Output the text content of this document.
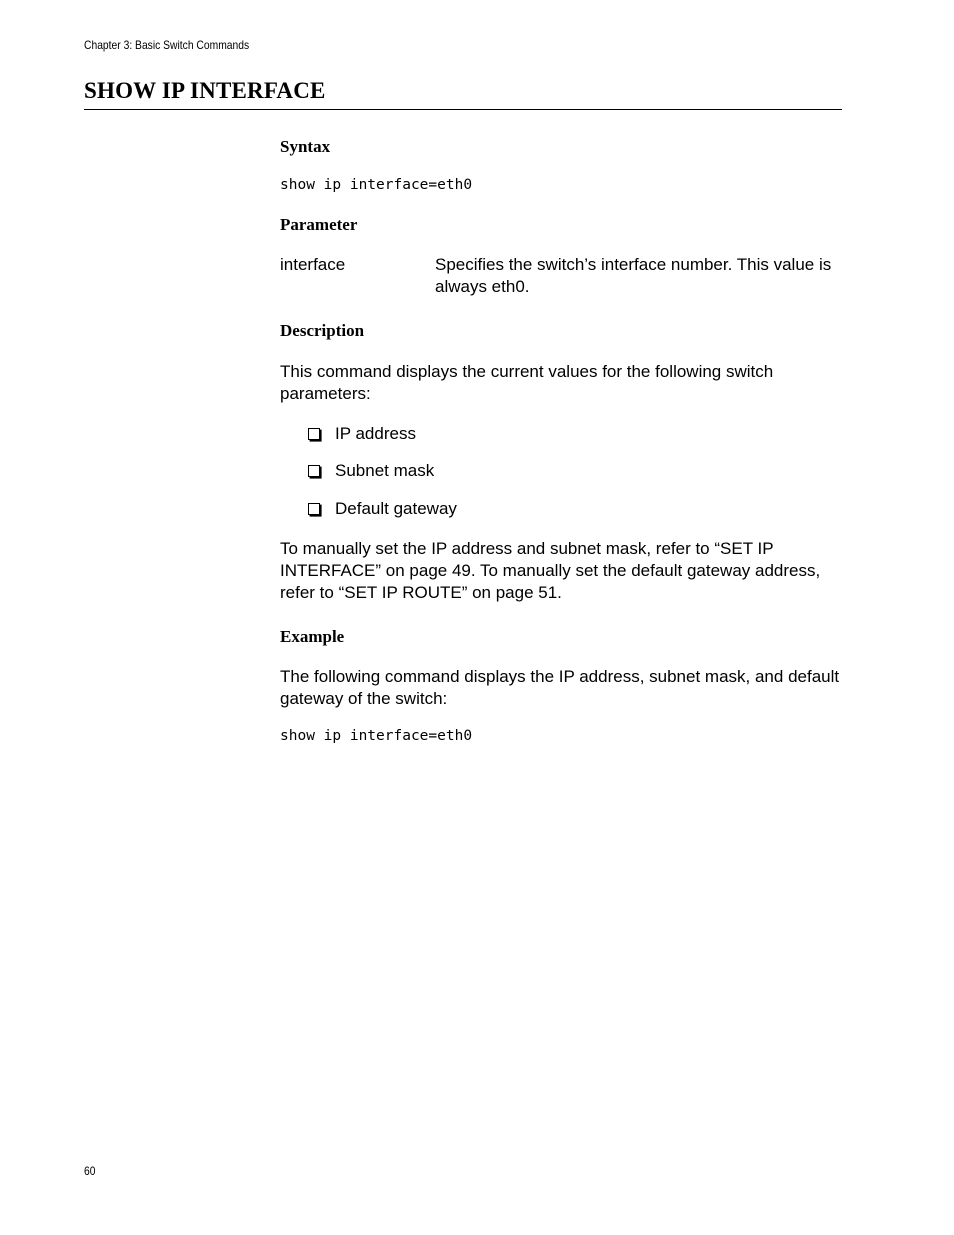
Chapter 3: Basic Switch Commands
SHOW IP INTERFACE
Syntax
show ip interface=eth0
Parameter

interface	Specifies the switch’s interface number. This value is always eth0.

Description

This command displays the current values for the following switch parameters:

IP address
Subnet mask
Default gateway

To manually set the IP address and subnet mask, refer to “SET IP INTERFACE” on page 49. To manually set the default gateway address, refer to “SET IP ROUTE” on page 51.

Example

The following command displays the IP address, subnet mask, and default gateway of the switch:

show ip interface=eth0
60
